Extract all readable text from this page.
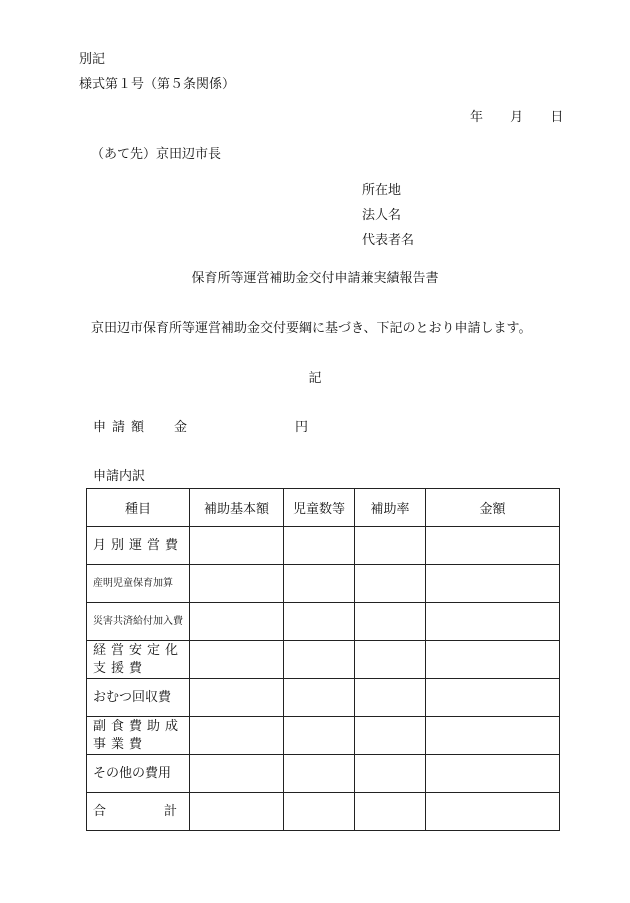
別記
様式第１号（第５条関係）
年 月 日
（あて先）京田辺市長
所在地
法人名
代表者名
保育所等運営補助金交付申請兼実績報告書
京田辺市保育所等運営補助金交付要綱に基づき、下記のとおり申請します。
記
申請額 金	円
申請内訳
種目	補助基本額	児童数等	補助率	金額
月別運営費				
産明児童保育加算				
災害共済給付加入費				
経営安定化支援費				
おむつ回収費				
副食費助成事業費				
その他の費用				

合 計				
